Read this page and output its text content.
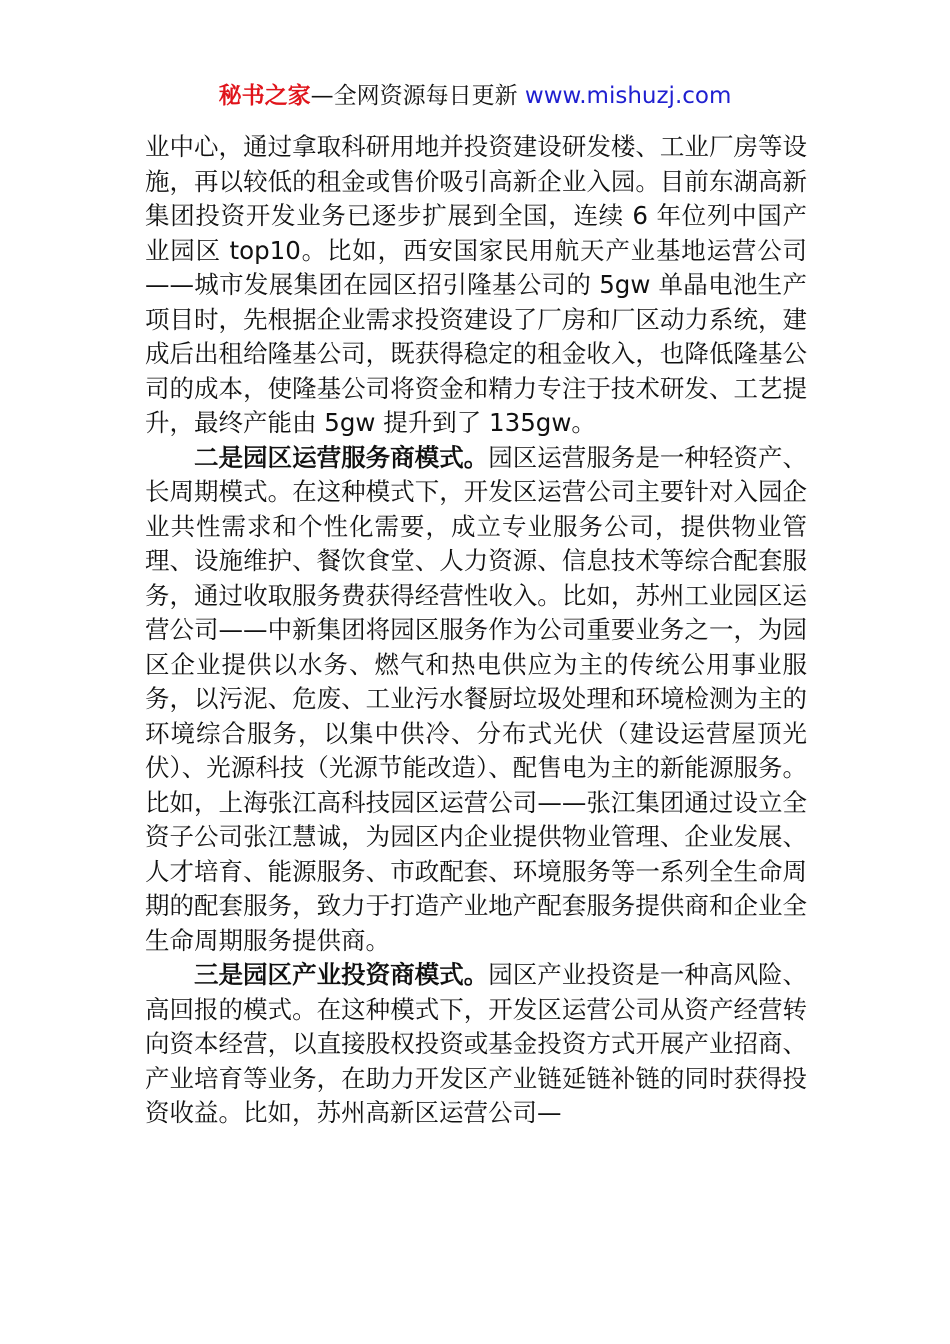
秘书之家—全网资源每日更新 www.mishuzj.com

业中心，通过拿取科研用地并投资建设研发楼、工业厂房等设施，再以较低的租金或售价吸引高新企业入园。目前东湖高新集团投资开发业务已逐步扩展到全国，连续 6 年位列中国产业园区 top10。比如，西安国家民用航天产业基地运营公司——城市发展集团在园区招引隆基公司的 5gw 单晶电池生产项目时，先根据企业需求投资建设了厂房和厂区动力系统，建成后出租给隆基公司，既获得稳定的租金收入，也降低隆基公司的成本，使隆基公司将资金和精力专注于技术研发、工艺提升，最终产能由 5gw 提升到了 135gw。

二是园区运营服务商模式。园区运营服务是一种轻资产、长周期模式。在这种模式下，开发区运营公司主要针对入园企业共性需求和个性化需要，成立专业服务公司，提供物业管理、设施维护、餐饮食堂、人力资源、信息技术等综合配套服务，通过收取服务费获得经营性收入。比如，苏州工业园区运营公司——中新集团将园区服务作为公司重要业务之一，为园区企业提供以水务、燃气和热电供应为主的传统公用事业服务，以污泥、危废、工业污水餐厨垃圾处理和环境检测为主的环境综合服务，以集中供冷、分布式光伏（建设运营屋顶光伏）、光源科技（光源节能改造）、配售电为主的新能源服务。比如，上海张江高科技园区运营公司——张江集团通过设立全资子公司张江慧诚，为园区内企业提供物业管理、企业发展、人才培育、能源服务、市政配套、环境服务等一系列全生命周期的配套服务，致力于打造产业地产配套服务提供商和企业全生命周期服务提供商。

三是园区产业投资商模式。园区产业投资是一种高风险、高回报的模式。在这种模式下，开发区运营公司从资产经营转向资本经营，以直接股权投资或基金投资方式开展产业招商、产业培育等业务，在助力开发区产业链延链补链的同时获得投资收益。比如，苏州高新区运营公司—
